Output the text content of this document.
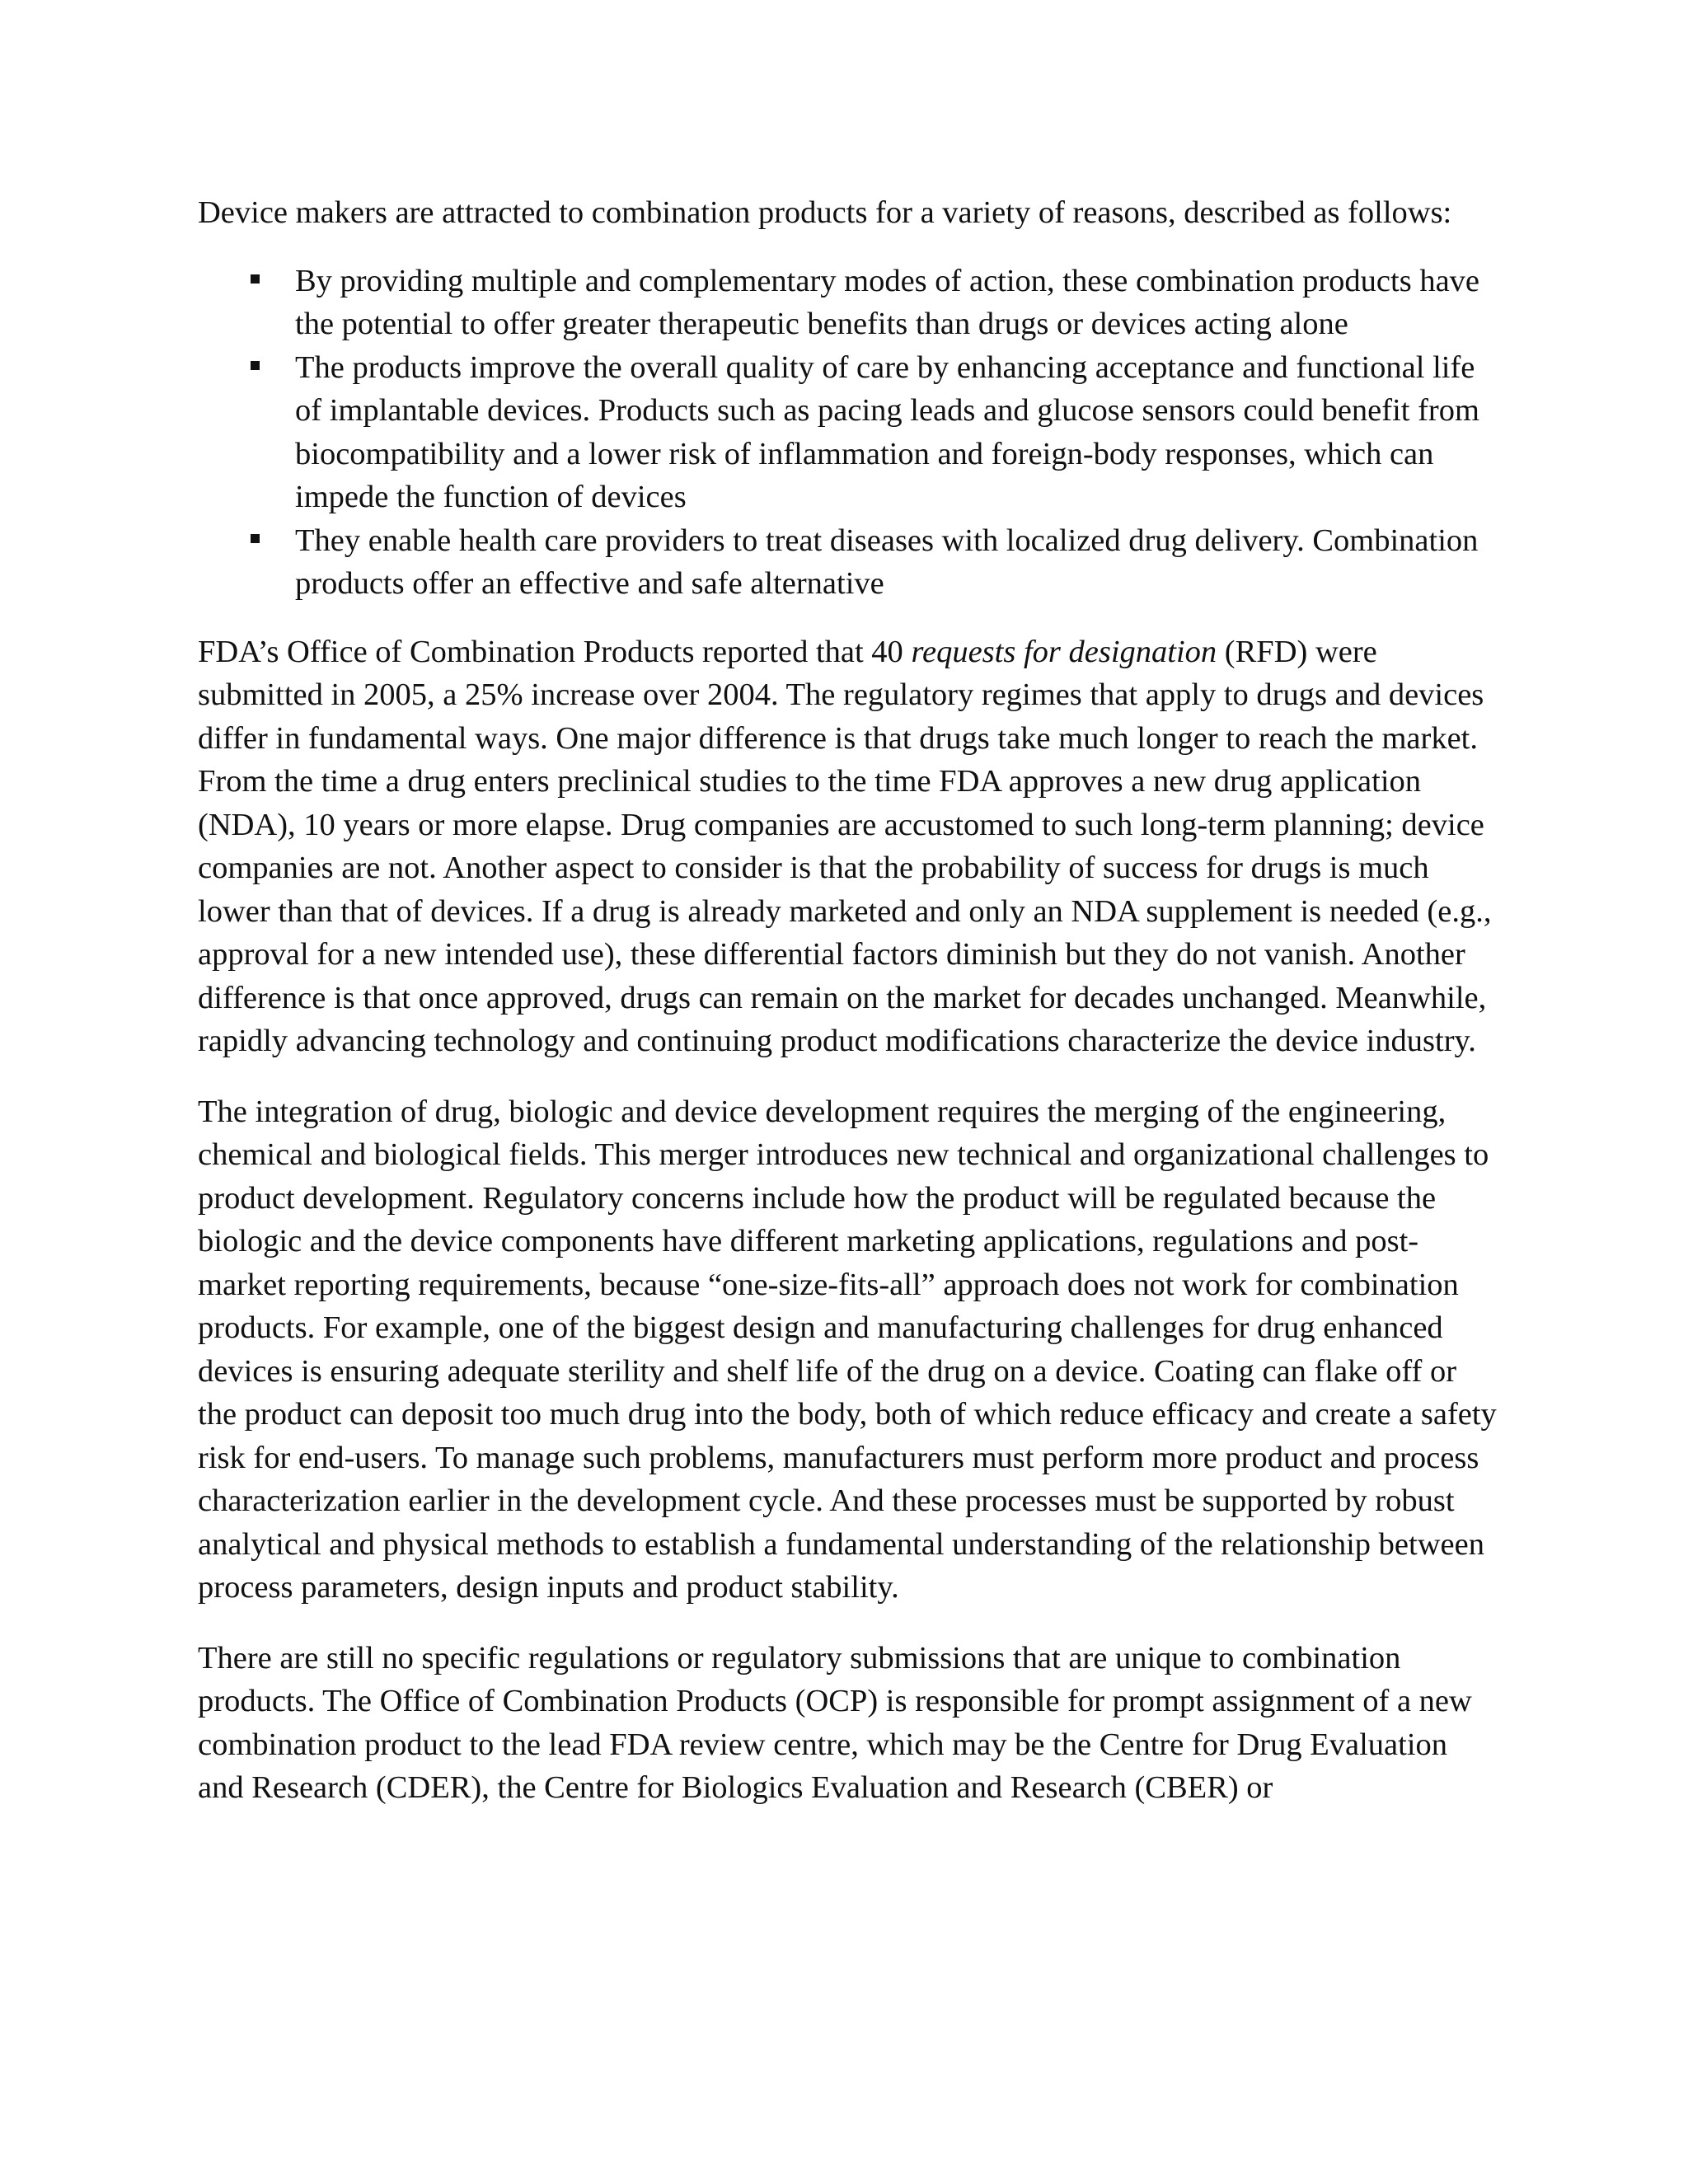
Device makers are attracted to combination products for a variety of reasons, described as follows:

By providing multiple and complementary modes of action, these combination products have the potential to offer greater therapeutic benefits than drugs or devices acting alone
The products improve the overall quality of care by enhancing acceptance and functional life of implantable devices. Products such as pacing leads and glucose sensors could benefit from biocompatibility and a lower risk of inflammation and foreign-body responses, which can impede the function of devices
They enable health care providers to treat diseases with localized drug delivery. Combination products offer an effective and safe alternative

FDA’s Office of Combination Products reported that 40 requests for designation (RFD) were submitted in 2005, a 25% increase over 2004. The regulatory regimes that apply to drugs and devices differ in fundamental ways. One major difference is that drugs take much longer to reach the market. From the time a drug enters preclinical studies to the time FDA approves a new drug application (NDA), 10 years or more elapse. Drug companies are accustomed to such long-term planning; device companies are not. Another aspect to consider is that the probability of success for drugs is much lower than that of devices. If a drug is already marketed and only an NDA supplement is needed (e.g., approval for a new intended use), these differential factors diminish but they do not vanish. Another difference is that once approved, drugs can remain on the market for decades unchanged. Meanwhile, rapidly advancing technology and continuing product modifications characterize the device industry.

The integration of drug, biologic and device development requires the merging of the engineering, chemical and biological fields. This merger introduces new technical and organizational challenges to product development. Regulatory concerns include how the product will be regulated because the biologic and the device components have different marketing applications, regulations and post-market reporting requirements, because “one-size-fits-all” approach does not work for combination products. For example, one of the biggest design and manufacturing challenges for drug enhanced devices is ensuring adequate sterility and shelf life of the drug on a device. Coating can flake off or the product can deposit too much drug into the body, both of which reduce efficacy and create a safety risk for end-users. To manage such problems, manufacturers must perform more product and process characterization earlier in the development cycle. And these processes must be supported by robust analytical and physical methods to establish a fundamental understanding of the relationship between process parameters, design inputs and product stability.

There are still no specific regulations or regulatory submissions that are unique to combination products. The Office of Combination Products (OCP) is responsible for prompt assignment of a new combination product to the lead FDA review centre, which may be the Centre for Drug Evaluation and Research (CDER), the Centre for Biologics Evaluation and Research (CBER) or
